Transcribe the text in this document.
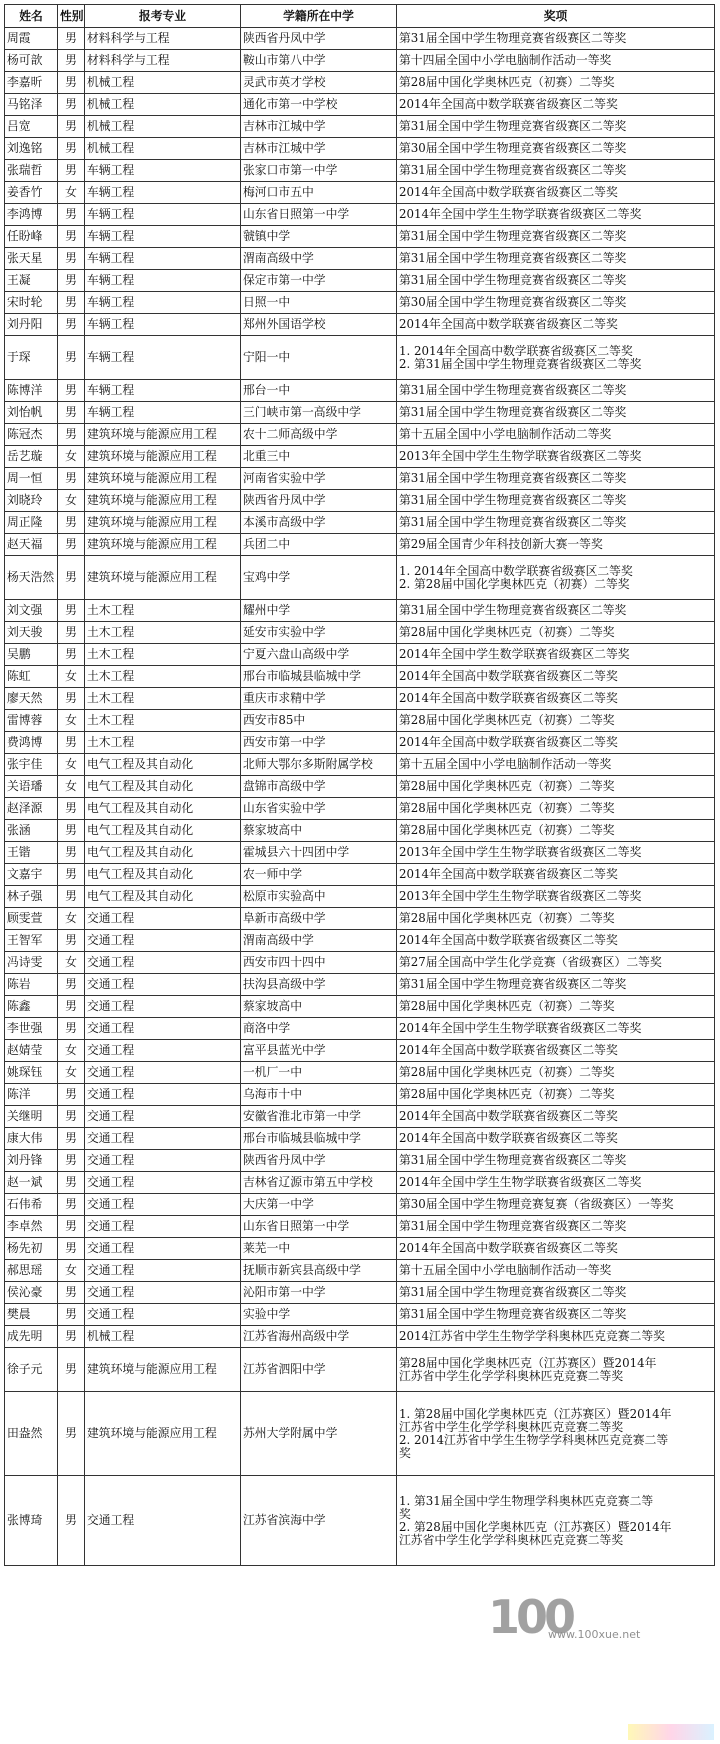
姓名	性别	报考专业	学籍所在中学	奖项
周霞	男	材料科学与工程	陕西省丹凤中学	第31届全国中学生物理竞赛省级赛区二等奖
杨可歆	男	材料科学与工程	鞍山市第八中学	第十四届全国中小学电脑制作活动一等奖
李嘉昕	男	机械工程	灵武市英才学校	第28届中国化学奥林匹克（初赛）二等奖
马铭泽	男	机械工程	通化市第一中学校	2014年全国高中数学联赛省级赛区二等奖
吕宽	男	机械工程	吉林市江城中学	第31届全国中学生物理竞赛省级赛区二等奖
刘逸铭	男	机械工程	吉林市江城中学	第30届全国中学生物理竞赛省级赛区二等奖
张瑞哲	男	车辆工程	张家口市第一中学	第31届全国中学生物理竞赛省级赛区二等奖
姜香竹	女	车辆工程	梅河口市五中	2014年全国高中数学联赛省级赛区二等奖
李鸿博	男	车辆工程	山东省日照第一中学	2014年全国中学生生物学联赛省级赛区二等奖
任盼峰	男	车辆工程	虢镇中学	第31届全国中学生物理竞赛省级赛区二等奖
张天星	男	车辆工程	渭南高级中学	第31届全国中学生物理竞赛省级赛区二等奖
王凝	男	车辆工程	保定市第一中学	第31届全国中学生物理竞赛省级赛区二等奖
宋时轮	男	车辆工程	日照一中	第30届全国中学生物理竞赛省级赛区二等奖
刘丹阳	男	车辆工程	郑州外国语学校	2014年全国高中数学联赛省级赛区二等奖
于琛	男	车辆工程	宁阳一中	1. 2014年全国高中数学联赛省级赛区二等奖
2. 第31届全国中学生物理竞赛省级赛区二等奖
陈博洋	男	车辆工程	邢台一中	第31届全国中学生物理竞赛省级赛区二等奖
刘怡帆	男	车辆工程	三门峡市第一高级中学	第31届全国中学生物理竞赛省级赛区二等奖
陈冠杰	男	建筑环境与能源应用工程	农十二师高级中学	第十五届全国中小学电脑制作活动二等奖
岳艺璇	女	建筑环境与能源应用工程	北重三中	2013年全国中学生生物学联赛省级赛区二等奖
周一恒	男	建筑环境与能源应用工程	河南省实验中学	第31届全国中学生物理竞赛省级赛区二等奖
刘晓玲	女	建筑环境与能源应用工程	陕西省丹凤中学	第31届全国中学生物理竞赛省级赛区二等奖
周正隆	男	建筑环境与能源应用工程	本溪市高级中学	第31届全国中学生物理竞赛省级赛区二等奖
赵天福	男	建筑环境与能源应用工程	兵团二中	第29届全国青少年科技创新大赛一等奖
杨天浩然	男	建筑环境与能源应用工程	宝鸡中学	1. 2014年全国高中数学联赛省级赛区二等奖
2. 第28届中国化学奥林匹克（初赛）二等奖
刘文强	男	土木工程	耀州中学	第31届全国中学生物理竞赛省级赛区二等奖
刘天骏	男	土木工程	延安市实验中学	第28届中国化学奥林匹克（初赛）二等奖
吴鹏	男	土木工程	宁夏六盘山高级中学	2014年全国中学生数学联赛省级赛区二等奖
陈虹	女	土木工程	邢台市临城县临城中学	2014年全国高中数学联赛省级赛区二等奖
廖天然	男	土木工程	重庆市求精中学	2014年全国高中数学联赛省级赛区二等奖
雷博蓉	女	土木工程	西安市85中	第28届中国化学奥林匹克（初赛）二等奖
费鸿博	男	土木工程	西安市第一中学	2014年全国高中数学联赛省级赛区二等奖
张宇佳	女	电气工程及其自动化	北师大鄂尔多斯附属学校	第十五届全国中小学电脑制作活动一等奖
关语璠	女	电气工程及其自动化	盘锦市高级中学	第28届中国化学奥林匹克（初赛）二等奖
赵泽源	男	电气工程及其自动化	山东省实验中学	第28届中国化学奥林匹克（初赛）二等奖
张涵	男	电气工程及其自动化	蔡家坡高中	第28届中国化学奥林匹克（初赛）二等奖
王锴	男	电气工程及其自动化	霍城县六十四团中学	2013年全国中学生生物学联赛省级赛区二等奖
文嘉宇	男	电气工程及其自动化	农一师中学	2014年全国高中数学联赛省级赛区二等奖
林子强	男	电气工程及其自动化	松原市实验高中	2013年全国中学生生物学联赛省级赛区二等奖
顾雯萱	女	交通工程	阜新市高级中学	第28届中国化学奥林匹克（初赛）二等奖
王智军	男	交通工程	渭南高级中学	2014年全国高中数学联赛省级赛区二等奖
冯诗雯	女	交通工程	西安市四十四中	第27届全国高中学生化学竞赛（省级赛区）二等奖
陈岩	男	交通工程	扶沟县高级中学	第31届全国中学生物理竞赛省级赛区二等奖
陈鑫	男	交通工程	蔡家坡高中	第28届中国化学奥林匹克（初赛）二等奖
李世强	男	交通工程	商洛中学	2014年全国中学生生物学联赛省级赛区二等奖
赵婧莹	女	交通工程	富平县蓝光中学	2014年全国高中数学联赛省级赛区二等奖
姚琛钰	女	交通工程	一机厂一中	第28届中国化学奥林匹克（初赛）二等奖
陈洋	男	交通工程	乌海市十中	第28届中国化学奥林匹克（初赛）二等奖
关继明	男	交通工程	安徽省淮北市第一中学	2014年全国高中数学联赛省级赛区二等奖
康大伟	男	交通工程	邢台市临城县临城中学	2014年全国高中数学联赛省级赛区二等奖
刘丹锋	男	交通工程	陕西省丹凤中学	第31届全国中学生物理竞赛省级赛区二等奖
赵一斌	男	交通工程	吉林省辽源市第五中学校	2014年全国中学生生物学联赛省级赛区二等奖
石伟希	男	交通工程	大庆第一中学	第30届全国中学生物理竞赛复赛（省级赛区）一等奖
李卓然	男	交通工程	山东省日照第一中学	第31届全国中学生物理竞赛省级赛区二等奖
杨先初	男	交通工程	莱芜一中	2014年全国高中数学联赛省级赛区二等奖
郝思瑶	女	交通工程	抚顺市新宾县高级中学	第十五届全国中小学电脑制作活动一等奖
侯沁豪	男	交通工程	沁阳市第一中学	第31届全国中学生物理竞赛省级赛区二等奖
樊晨	男	交通工程	实验中学	第31届全国中学生物理竞赛省级赛区二等奖
成先明	男	机械工程	江苏省海州高级中学	2014江苏省中学生生物学学科奥林匹克竞赛二等奖
徐子元	男	建筑环境与能源应用工程	江苏省泗阳中学	第28届中国化学奥林匹克（江苏赛区）暨2014年
江苏省中学生化学学科奥林匹克竞赛二等奖
田盎然	男	建筑环境与能源应用工程	苏州大学附属中学	1. 第28届中国化学奥林匹克（江苏赛区）暨2014年
江苏省中学生化学学科奥林匹克竞赛二等奖
2. 2014江苏省中学生生物学学科奥林匹克竞赛二等
奖
张博琦	男	交通工程	江苏省滨海中学	1. 第31届全国中学生物理学科奥林匹克竞赛二等
奖
2. 第28届中国化学奥林匹克（江苏赛区）暨2014年
江苏省中学生化学学科奥林匹克竞赛二等奖
100
www.100xue.net
